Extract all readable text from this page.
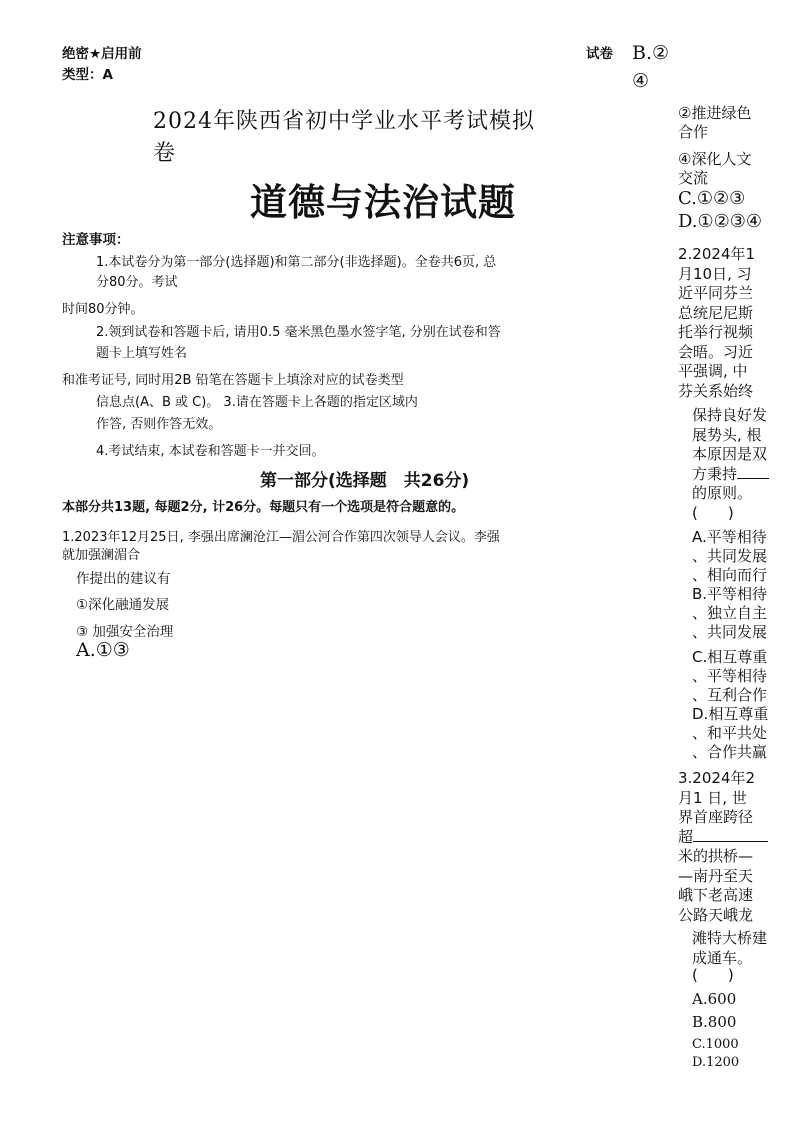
绝密★启用前
类型：A
试卷 B.②
④
2024年陕西省初中学业水平考试模拟
卷
道德与法治试题
注意事项：
1.本试卷分为第一部分(选择题)和第二部分(非选择题)。全卷共6页, 总
分80分。考试
时间80分钟。
2.领到试卷和答题卡后, 请用0.5 毫米黑色墨水签字笔, 分别在试卷和答
题卡上填写姓名
和准考证号, 同时用2B 铅笔在答题卡上填涂对应的试卷类型
信息点(A、B 或 C)。 3.请在答题卡上各题的指定区域内
作答, 否则作答无效。
4.考试结束, 本试卷和答题卡一并交回。
第一部分(选择题　共26分)
本部分共13题, 每题2分, 计26分。每题只有一个选项是符合题意的。
1.2023年12月25日, 李强出席澜沧江—湄公河合作第四次领导人会议。李强
就加强澜湄合
作提出的建议有
①深化融通发展
③ 加强安全治理
A.①③
②推进绿色
合作
④深化人文
交流
C.①②③
D.①②③④
2.2024年1
月10日, 习
近平同芬兰
总统尼尼斯
托举行视频
会晤。习近
平强调, 中
芬关系始终
保持良好发
展势头, 根
本原因是双
方秉持
的原则。
(　　)
A.平等相待
、共同发展
、相向而行
B.平等相待
、独立自主
、共同发展
C.相互尊重
、平等相待
、互利合作
D.相互尊重
、和平共处
、合作共赢
3.2024年2
月1 日, 世
界首座跨径
超
米的拱桥—
—南丹至天
峨下老高速
公路天峨龙
滩特大桥建
成通车。
(　　)
A.600
B.800
C.1000
D.1200
